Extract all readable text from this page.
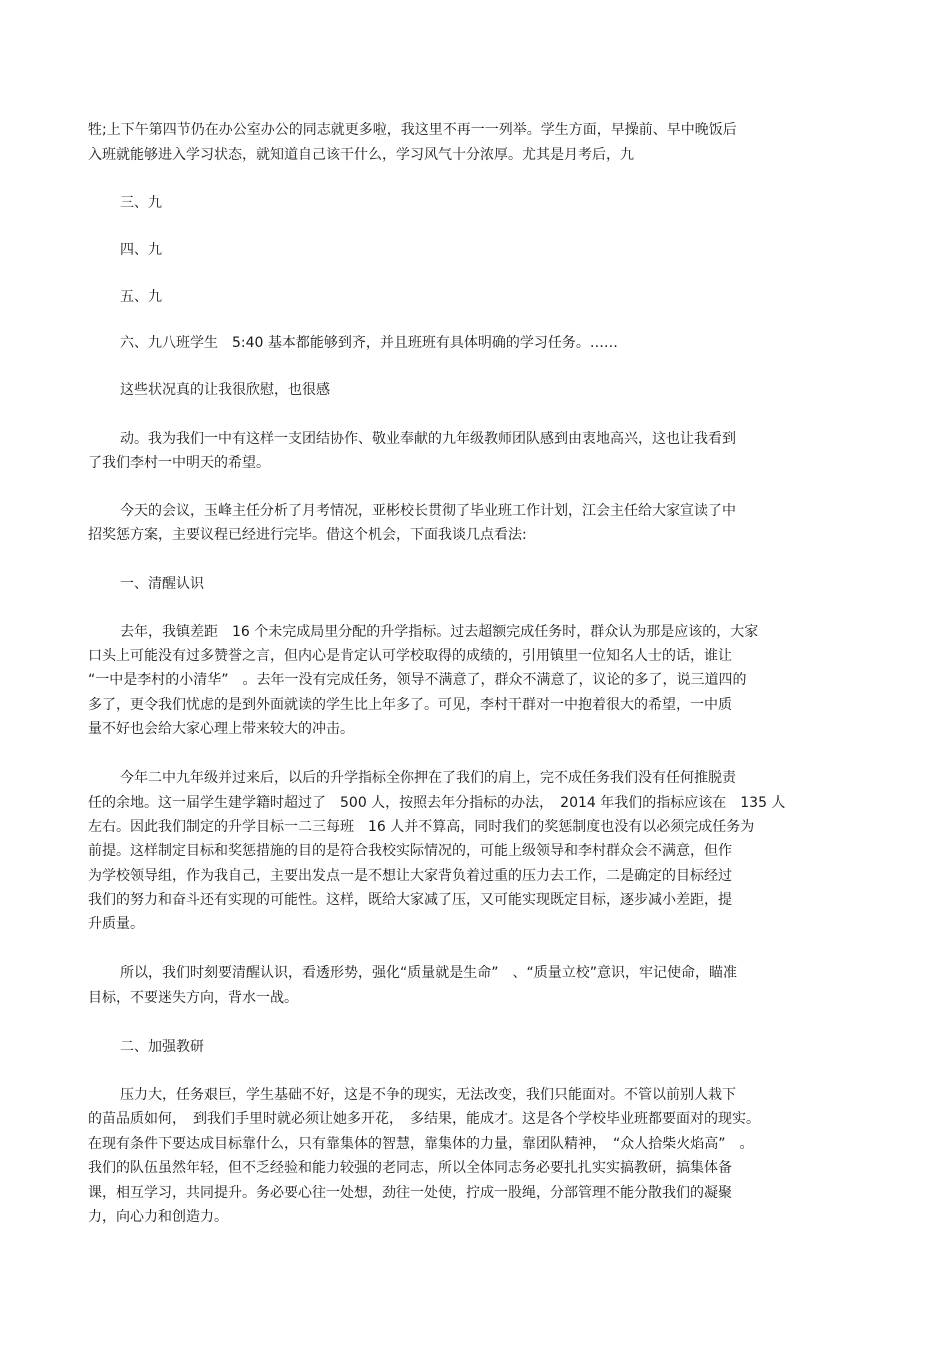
牲;上下午第四节仍在办公室办公的同志就更多啦，我这里不再一一列举。学生方面，早操前、早中晚饭后
入班就能够进入学习状态，就知道自己该干什么，学习风气十分浓厚。尤其是月考后，九
三、九
四、九
五、九
六、九八班学生　5:40 基本都能够到齐，并且班班有具体明确的学习任务。……
这些状况真的让我很欣慰，也很感
动。我为我们一中有这样一支团结协作、敬业奉献的九年级教师团队感到由衷地高兴，这也让我看到
了我们李村一中明天的希望。
今天的会议，玉峰主任分析了月考情况，亚彬校长贯彻了毕业班工作计划，江会主任给大家宣读了中
招奖惩方案，主要议程已经进行完毕。借这个机会，下面我谈几点看法:
一、清醒认识
去年，我镇差距　16 个未完成局里分配的升学指标。过去超额完成任务时，群众认为那是应该的，大家
口头上可能没有过多赞誉之言，但内心是肯定认可学校取得的成绩的，引用镇里一位知名人士的话，谁让
“一中是李村的小清华”　。去年一没有完成任务，领导不满意了，群众不满意了，议论的多了，说三道四的
多了，更令我们忧虑的是到外面就读的学生比上年多了。可见，李村干群对一中抱着很大的希望，一中质
量不好也会给大家心理上带来较大的冲击。
今年二中九年级并过来后，以后的升学指标全你押在了我们的肩上，完不成任务我们没有任何推脱责
任的余地。这一届学生建学籍时超过了　500 人，按照去年分指标的办法，　2014 年我们的指标应该在　135 人
左右。因此我们制定的升学目标一二三每班　16 人并不算高，同时我们的奖惩制度也没有以必须完成任务为
前提。这样制定目标和奖惩措施的目的是符合我校实际情况的，可能上级领导和李村群众会不满意，但作
为学校领导组，作为我自己，主要出发点一是不想让大家背负着过重的压力去工作，二是确定的目标经过
我们的努力和奋斗还有实现的可能性。这样，既给大家减了压，又可能实现既定目标，逐步减小差距，提
升质量。
所以，我们时刻要清醒认识，看透形势，强化“质量就是生命”　、“质量立校”意识，牢记使命，瞄准
目标，不要迷失方向，背水一战。
二、加强教研
压力大，任务艰巨，学生基础不好，这是不争的现实，无法改变，我们只能面对。不管以前别人栽下
的苗品质如何，　到我们手里时就必须让她多开花，　多结果，能成才。这是各个学校毕业班都要面对的现实。
在现有条件下要达成目标靠什么，只有靠集体的智慧，靠集体的力量，靠团队精神，　“众人拾柴火焰高”　。
我们的队伍虽然年轻，但不乏经验和能力较强的老同志，所以全体同志务必要扎扎实实搞教研，搞集体备
课，相互学习，共同提升。务必要心往一处想，劲往一处使，拧成一股绳，分部管理不能分散我们的凝聚
力，向心力和创造力。
